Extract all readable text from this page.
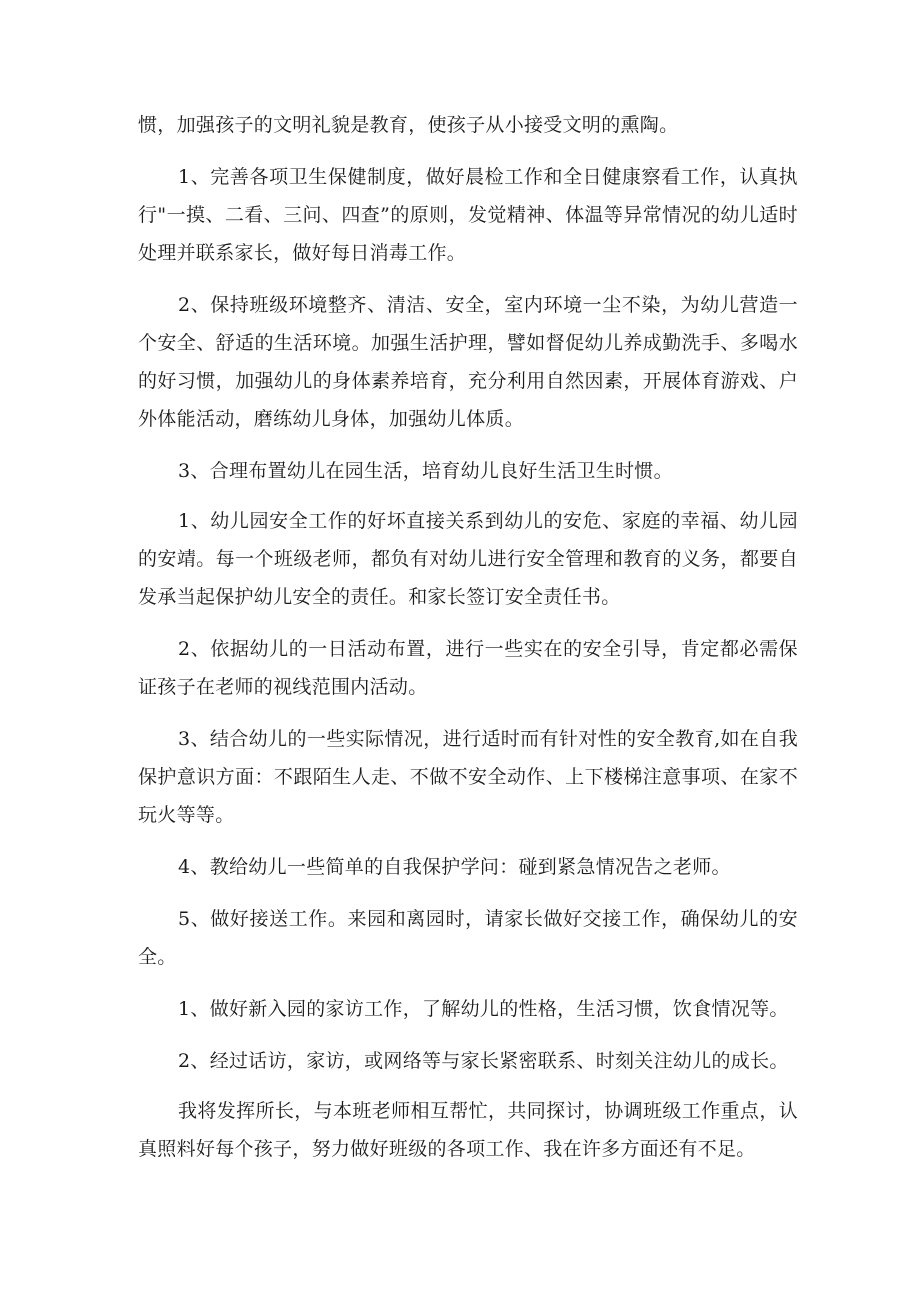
惯，加强孩子的文明礼貌是教育，使孩子从小接受文明的熏陶。

1、完善各项卫生保健制度，做好晨检工作和全日健康察看工作，认真执行"一摸、二看、三问、四查”的原则，发觉精神、体温等异常情况的幼儿适时处理并联系家长，做好每日消毒工作。

2、保持班级环境整齐、清洁、安全，室内环境一尘不染，为幼儿营造一个安全、舒适的生活环境。加强生活护理，譬如督促幼儿养成勤洗手、多喝水的好习惯，加强幼儿的身体素养培育，充分利用自然因素，开展体育游戏、户外体能活动，磨练幼儿身体，加强幼儿体质。

3、合理布置幼儿在园生活，培育幼儿良好生活卫生时惯。

1、幼儿园安全工作的好坏直接关系到幼儿的安危、家庭的幸福、幼儿园的安靖。每一个班级老师，都负有对幼儿进行安全管理和教育的义务，都要自发承当起保护幼儿安全的责任。和家长签订安全责任书。

2、依据幼儿的一日活动布置，进行一些实在的安全引导，肯定都必需保证孩子在老师的视线范围内活动。

3、结合幼儿的一些实际情况，进行适时而有针对性的安全教育,如在自我保护意识方面：不跟陌生人走、不做不安全动作、上下楼梯注意事项、在家不玩火等等。

4、教给幼儿一些简单的自我保护学问：碰到紧急情况告之老师。

5、做好接送工作。来园和离园时，请家长做好交接工作，确保幼儿的安全。

1、做好新入园的家访工作，了解幼儿的性格，生活习惯，饮食情况等。

2、经过话访，家访，或网络等与家长紧密联系、时刻关注幼儿的成长。

我将发挥所长，与本班老师相互帮忙，共同探讨，协调班级工作重点，认真照料好每个孩子，努力做好班级的各项工作、我在许多方面还有不足。
